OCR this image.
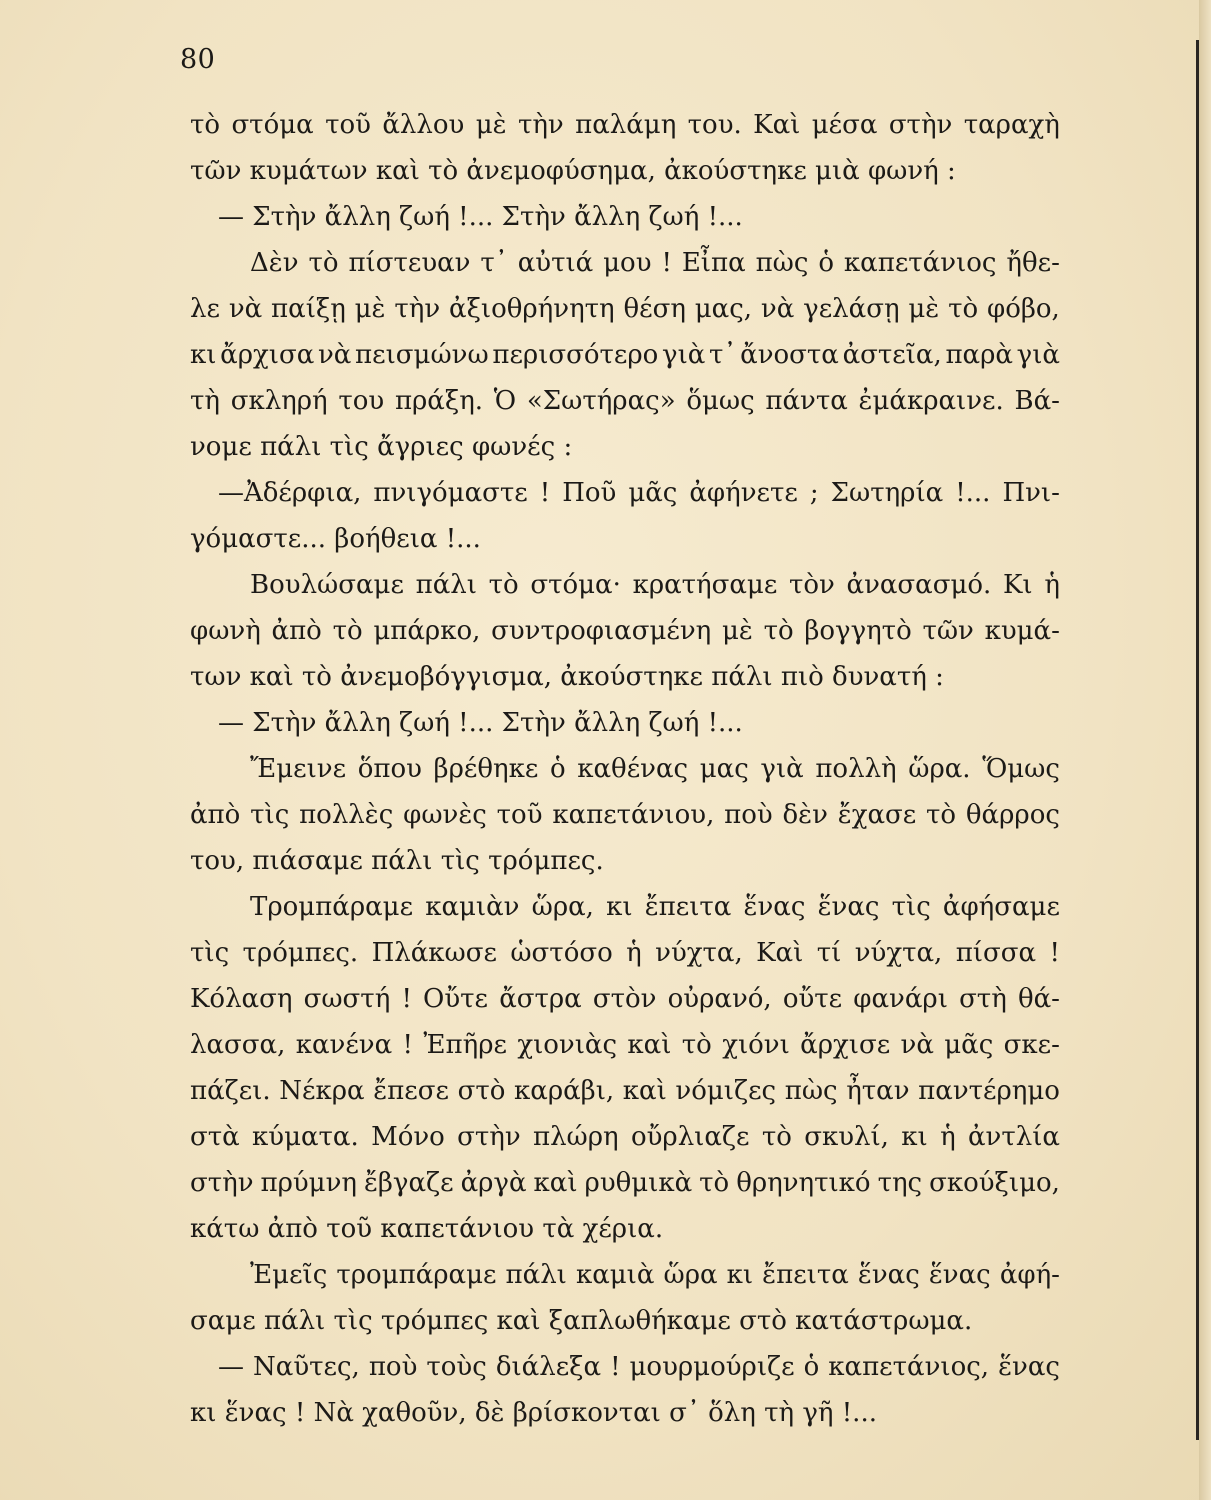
80
τὸ στόμα τοῦ ἄλλου μὲ τὴν παλάμη του. Καὶ μέσα στὴν ταραχὴ
τῶν κυμάτων καὶ τὸ ἀνεμοφύσημα, ἀκούστηκε μιὰ φωνή :
— Στὴν ἄλλη ζωή !... Στὴν ἄλλη ζωή !...
Δὲν τὸ πίστευαν τ᾽ αὐτιά μου ! Εἶπα πὼς ὁ καπετάνιος ἤθε-
λε νὰ παίξῃ μὲ τὴν ἀξιοθρήνητη θέση μας, νὰ γελάσῃ μὲ τὸ φόβο,
κι ἄρχισα νὰ πεισμώνω περισσότερο γιὰ τ᾽ ἄνοστα ἀστεῖα, παρὰ γιὰ
τὴ σκληρή του πράξη. Ὁ «Σωτήρας» ὅμως πάντα ἐμάκραινε. Βά-
νομε πάλι τὶς ἄγριες φωνές :
—Ἀδέρφια, πνιγόμαστε ! Ποῦ μᾶς ἀφήνετε ; Σωτηρία !... Πνι-
γόμαστε... βοήθεια !...
Βουλώσαμε πάλι τὸ στόμα· κρατήσαμε τὸν ἀνασασμό. Κι ἡ
φωνὴ ἀπὸ τὸ μπάρκο, συντροφιασμένη μὲ τὸ βογγητὸ τῶν κυμά-
των καὶ τὸ ἀνεμοβόγγισμα, ἀκούστηκε πάλι πιὸ δυνατή :
— Στὴν ἄλλη ζωή !... Στὴν ἄλλη ζωή !...
Ἔμεινε ὅπου βρέθηκε ὁ καθένας μας γιὰ πολλὴ ὥρα. Ὅμως
ἀπὸ τὶς πολλὲς φωνὲς τοῦ καπετάνιου, ποὺ δὲν ἔχασε τὸ θάρρος
του, πιάσαμε πάλι τὶς τρόμπες.
Τρομπάραμε καμιὰν ὥρα, κι ἔπειτα ἕνας ἕνας τὶς ἀφήσαμε
τὶς τρόμπες. Πλάκωσε ὡστόσο ἡ νύχτα, Καὶ τί νύχτα, πίσσα !
Κόλαση σωστή ! Οὔτε ἄστρα στὸν οὐρανό, οὔτε φανάρι στὴ θά-
λασσα, κανένα ! Ἐπῆρε χιονιὰς καὶ τὸ χιόνι ἄρχισε νὰ μᾶς σκε-
πάζει. Νέκρα ἔπεσε στὸ καράβι, καὶ νόμιζες πὼς ἦταν παντέρημο
στὰ κύματα. Μόνο στὴν πλώρη οὔρλιαζε τὸ σκυλί, κι ἡ ἀντλία
στὴν πρύμνη ἔβγαζε ἀργὰ καὶ ρυθμικὰ τὸ θρηνητικό της σκούξιμο,
κάτω ἀπὸ τοῦ καπετάνιου τὰ χέρια.
Ἐμεῖς τρομπάραμε πάλι καμιὰ ὥρα κι ἔπειτα ἕνας ἕνας ἀφή-
σαμε πάλι τὶς τρόμπες καὶ ξαπλωθήκαμε στὸ κατάστρωμα.
— Ναῦτες, ποὺ τοὺς διάλεξα ! μουρμούριζε ὁ καπετάνιος, ἕνας
κι ἕνας ! Νὰ χαθοῦν, δὲ βρίσκονται σ᾽ ὅλη τὴ γῆ !...
